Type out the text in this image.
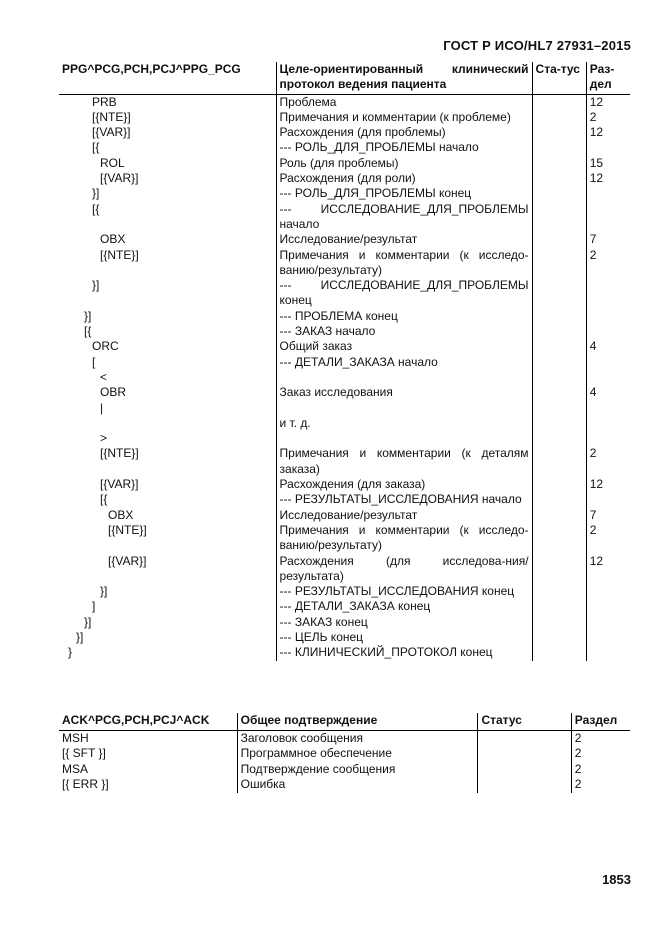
ГОСТ Р ИСО/HL7 27931–2015
PPG^PCG,PCH,PCJ^PPG_PCG	Целе-ориентированный клинический протокол ведения пациента	Ста-тус	Раз-дел
PRB	Проблема		12
[{NTE}]	Примечания и комментарии (к проблеме)		2
[{VAR}]	Расхождения (для проблемы)		12
[{	--- РОЛЬ_ДЛЯ_ПРОБЛЕМЫ начало		
ROL	Роль (для проблемы)		15
[{VAR}]	Расхождения (для роли)		12
}]	--- РОЛЬ_ДЛЯ_ПРОБЛЕМЫ конец		
[{	--- ИССЛЕДОВАНИЕ_ДЛЯ_ПРОБЛЕМЫ начало		
OBX	Исследование/результат		7
[{NTE}]	Примечания и комментарии (к исследо-ванию/результату)		2
}]	--- ИССЛЕДОВАНИЕ_ДЛЯ_ПРОБЛЕМЫ конец		
}]	--- ПРОБЛЕМА конец		
[{	--- ЗАКАЗ начало		
ORC	Общий заказ		4
[	--- ДЕТАЛИ_ЗАКАЗА начало		
<			
OBR	Заказ исследования		4
|			
	и т. д.		
>			
[{NTE}]	Примечания и комментарии (к деталям заказа)		2
[{VAR}]	Расхождения (для заказа)		12
[{	--- РЕЗУЛЬТАТЫ_ИССЛЕДОВАНИЯ начало		
OBX	Исследование/результат		7
[{NTE}]	Примечания и комментарии (к исследо-ванию/результату)		2
[{VAR}]	Расхождения (для исследова-ния/результата)		12
}]	--- РЕЗУЛЬТАТЫ_ИССЛЕДОВАНИЯ конец		
]	--- ДЕТАЛИ_ЗАКАЗА конец		
}]	--- ЗАКАЗ конец		
}]	--- ЦЕЛЬ конец		
}	--- КЛИНИЧЕСКИЙ_ПРОТОКОЛ конец		
ACK^PCG,PCH,PCJ^ACK	Общее подтверждение	Статус	Раздел
MSH	Заголовок сообщения		2
[{ SFT }]	Программное обеспечение		2
MSA	Подтверждение сообщения		2
[{ ERR }]	Ошибка		2
1853
